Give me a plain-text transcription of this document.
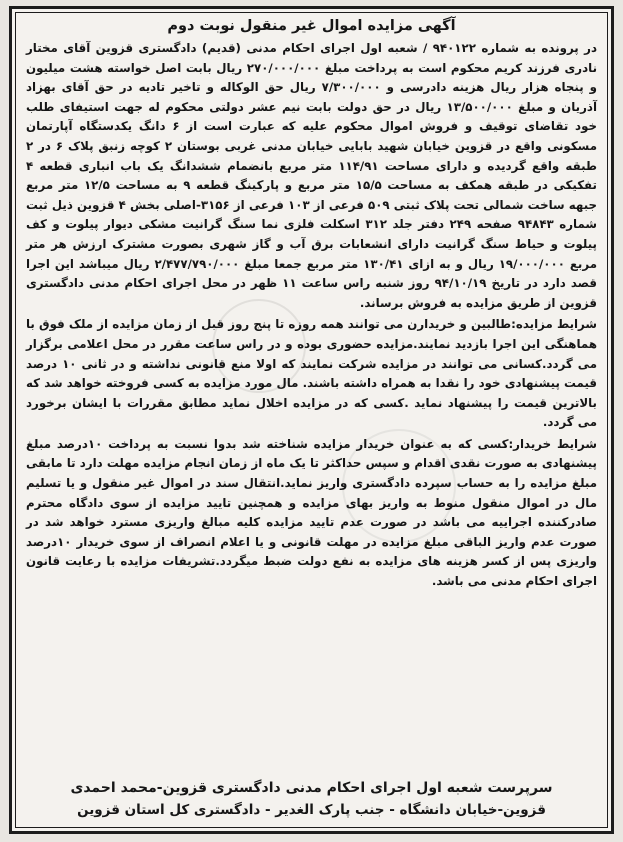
آگهی مزایده اموال غیر منقول نوبت دوم

در پرونده به شماره ۹۴۰۱۲۲ / شعبه اول اجرای احکام مدنی (قدیم) دادگستری قزوین آقای مختار نادری فرزند کریم محکوم است به پرداخت مبلغ ۲۷۰/۰۰۰/۰۰۰ ریال بابت اصل خواسته هشت میلیون و پنجاه هزار ریال هزینه دادرسی و ۷/۳۰۰/۰۰۰ ریال حق الوکاله و تاخیر تادیه در حق آقای بهزاد آذریان و مبلغ ۱۳/۵۰۰/۰۰۰ ریال در حق دولت بابت نیم عشر دولتی محکوم له جهت استیفای طلب خود تقاضای توقیف و فروش اموال محکوم علیه که عبارت است از ۶ دانگ یکدستگاه آپارتمان مسکونی واقع در قزوین خیابان شهید بابایی خیابان مدنی غربی بوستان ۲ کوچه زنبق پلاک ۶ در ۲ طبقه واقع گردیده و دارای مساحت ۱۱۴/۹۱ متر مربع بانضمام ششدانگ یک باب انباری قطعه ۴ تفکیکی در طبقه همکف به مساحت ۱۵/۵ متر مربع و پارکینگ قطعه ۹ به مساحت ۱۲/۵ متر مربع جبهه ساخت شمالی تحت پلاک ثبتی ۵۰۹ فرعی از ۱۰۳ فرعی از ۳۱۵۶-اصلی بخش ۴ قزوین ذیل ثبت شماره ۹۴۸۴۳ صفحه ۲۴۹ دفتر جلد ۳۱۲ اسکلت فلزی نما سنگ گرانیت مشکی دیوار پیلوت و کف پیلوت و حیاط سنگ گرانیت دارای انشعابات برق آب و گاز شهری بصورت مشترک ارزش هر متر مربع ۱۹/۰۰۰/۰۰۰ ریال و به ازای ۱۳۰/۴۱ متر مربع جمعا مبلغ ۲/۴۷۷/۷۹۰/۰۰۰ ریال میباشد این اجرا قصد دارد در تاریخ ۹۴/۱۰/۱۹ روز شنبه راس ساعت ۱۱ ظهر در محل اجرای احکام مدنی دادگستری قزوین از طریق مزایده به فروش برساند.

شرایط مزایده:طالبین و خریدارن می توانند همه روزه تا پنج روز قبل از زمان مزایده از ملک فوق با هماهنگی این اجرا بازدید نمایند.مزایده حضوری بوده و در راس ساعت مقرر در محل اعلامی برگزار می گردد.کسانی می توانند در مزایده شرکت نمایند که اولا منع قانونی نداشته و در ثانی ۱۰ درصد قیمت پیشنهادی خود را نقدا به همراه داشته باشند. مال مورد مزایده به کسی فروخته خواهد شد که بالاترین قیمت را پیشنهاد نماید .کسی که در مزایده اخلال نماید مطابق مقررات با ایشان برخورد می گردد.

شرایط خریدار:کسی که به عنوان خریدار مزایده شناخته شد بدوا نسبت به پرداخت ۱۰درصد مبلغ پیشنهادی به صورت نقدی اقدام و سپس حداکثر تا یک ماه از زمان انجام مزایده مهلت دارد تا مابقی مبلغ مزایده را به حساب سپرده دادگستری واریز نماید.انتقال سند در اموال غیر منقول و یا تسلیم مال در اموال منقول منوط به واریز بهای مزایده و همچنین تایید مزایده از سوی دادگاه محترم صادرکننده اجراییه می باشد در صورت عدم تایید مزایده کلیه مبالغ واریزی مسترد خواهد شد در صورت عدم واریز الباقی مبلغ مزایده در مهلت قانونی و یا اعلام انصراف از سوی خریدار ۱۰درصد واریزی پس از کسر هزینه های مزایده به نفع دولت ضبط میگردد.تشریفات مزایده با رعایت قانون اجرای احکام مدنی می باشد.

سرپرست شعبه اول اجرای احکام مدنی دادگستری قزوین-محمد احمدی
قزوین-خیابان دانشگاه - جنب پارک الغدیر - دادگستری کل استان قزوین
